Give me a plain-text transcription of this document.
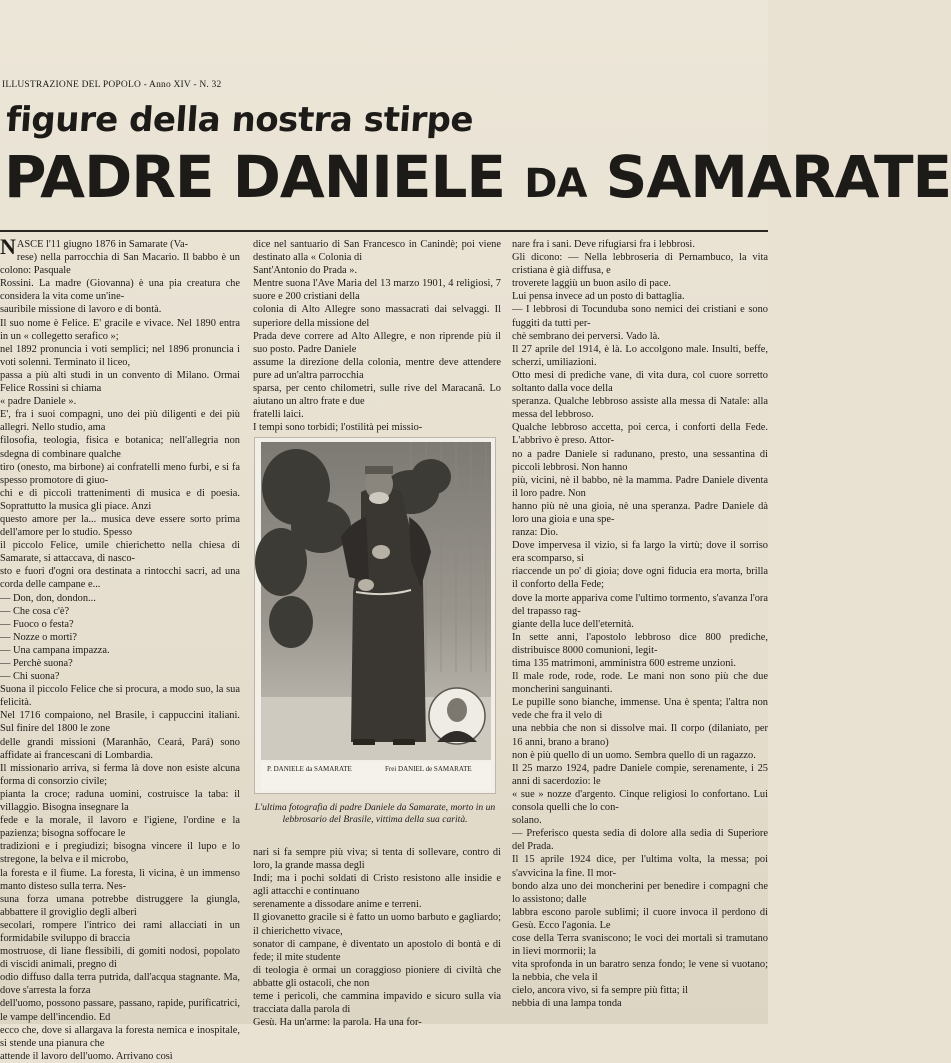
ILLUSTRAZIONE DEL POPOLO - Anno XIV - N. 32
figure della nostra stirpe
PADRE DANIELE DA SAMARATE
N ASCE l'11 giugno 1876 in Samarate (Va-

rese) nella parrocchia di San Macario. Il babbo è un colono: Pasquale

Rossini. La madre (Giovanna) è una pia creatura che considera la vita come un'ine-

sauribile missione di lavoro e di bontà.

Il suo nome è Felice. E' gracile e vivace. Nel 1890 entra in un « collegetto serafico »;

nel 1892 pronuncia i voti semplici; nel 1896 pronuncia i voti solenni. Terminato il liceo,

passa a più alti studi in un convento di Milano. Ormai Felice Rossini si chiama

« padre Daniele ».

E', fra i suoi compagni, uno dei più diligenti e dei più allegri. Nello studio, ama

filosofia, teologia, fisica e botanica; nell'allegria non sdegna di combinare qualche

tiro (onesto, ma birbone) ai confratelli meno furbi, e si fa spesso promotore di giuo-

chi e di piccoli trattenimenti di musica e di poesia. Soprattutto la musica gli piace. Anzi

questo amore per la... musica deve essere sorto prima dell'amore per lo studio. Spesso

il piccolo Felice, umile chierichetto nella chiesa di Samarate, si attaccava, di nasco-

sto e fuori d'ogni ora destinata a rintocchi sacri, ad una corda delle campane e...

— Don, don, dondon...

— Che cosa c'è?

— Fuoco o festa?

— Nozze o morti?

— Una campana impazza.

— Perchè suona?

— Chi suona?

Suona il piccolo Felice che si procura, a modo suo, la sua felicità.

Nel 1716 compaiono, nel Brasile, i cappuccini italiani. Sul finire del 1800 le zone

delle grandi missioni (Maranhão, Ceará, Pará) sono affidate ai francescani di Lombardia.

Il missionario arriva, si ferma là dove non esiste alcuna forma di consorzio civile;

pianta la croce; raduna uomini, costruisce la taba: il villaggio. Bisogna insegnare la

fede e la morale, il lavoro e l'igiene, l'ordine e la pazienza; bisogna soffocare le

tradizioni e i pregiudizi; bisogna vincere il lupo e lo stregone, la belva e il microbo,

la foresta e il fiume. La foresta, lì vicina, è un immenso manto disteso sulla terra. Nes-

suna forza umana potrebbe distruggere la giungla, abbattere il groviglio degli alberi

secolari, rompere l'intrico dei rami allacciati in un formidabile sviluppo di braccia

mostruose, di liane flessibili, di gomiti nodosi, popolato di viscidi animali, pregno di

odio diffuso dalla terra putrida, dall'acqua stagnante. Ma, dove s'arresta la forza

dell'uomo, possono passare, passano, rapide, purificatrici, le vampe dell'incendio. Ed

ecco che, dove si allargava la foresta nemica e inospitale, si stende una pianura che

attende il lavoro dell'uomo. Arrivano così

dice nel santuario di San Francesco in Canindè; poi viene destinato alla « Colonia di

Sant'Antonio do Prada ».

Mentre suona l'Ave Maria del 13 marzo 1901, 4 religiosi, 7 suore e 200 cristiani della

colonia di Alto Allegre sono massacrati dai selvaggi. Il superiore della missione del

Prada deve correre ad Alto Allegre, e non riprende più il suo posto. Padre Daniele

assume la direzione della colonia, mentre deve attendere pure ad un'altra parrocchia

sparsa, per cento chilometri, sulle rive del Maracanã. Lo aiutano un altro frate e due

fratelli laici.

I tempi sono torbidi; l'ostilità pei missio-

P. DANIELE da SAMARATE	Frei DANIEL de SAMARATE
L'ultima fotografia di padre Daniele da Samarate, morto in un lebbrosario del Brasile, vittima della sua carità.

nari si fa sempre più viva; si tenta di sollevare, contro di loro, la grande massa degli

Indi; ma i pochi soldati di Cristo resistono alle insidie e agli attacchi e continuano

serenamente a dissodare anime e terreni.

Il giovanetto gracile si è fatto un uomo barbuto e gagliardo; il chierichetto vivace,

sonator di campane, è diventato un apostolo di bontà e di fede; il mite studente

di teologia è ormai un coraggioso pioniere di civiltà che abbatte gli ostacoli, che non

teme i pericoli, che cammina impavido e sicuro sulla via tracciata dalla parola di

Gesù. Ha un'arme: la parola. Ha una for-

nare fra i sani. Deve rifugiarsi fra i lebbrosi.

Gli dicono: — Nella lebbroseria di Pernambuco, la vita cristiana è già diffusa, e

troverete laggiù un buon asilo di pace.

Lui pensa invece ad un posto di battaglia.

— I lebbrosi di Tocunduba sono nemici dei cristiani e sono fuggiti da tutti per-

chè sembrano dei perversi. Vado là.

Il 27 aprile del 1914, è là. Lo accolgono male. Insulti, beffe, scherzi, umiliazioni.

Otto mesi di prediche vane, di vita dura, col cuore sorretto soltanto dalla voce della

speranza. Qualche lebbroso assiste alla messa di Natale: alla messa del lebbroso.

Qualche lebbroso accetta, poi cerca, i conforti della Fede. L'abbrivo è preso. Attor-

no a padre Daniele si radunano, presto, una sessantina di piccoli lebbrosi. Non hanno

più, vicini, nè il babbo, nè la mamma. Padre Daniele diventa il loro padre. Non

hanno più nè una gioia, nè una speranza. Padre Daniele dà loro una gioia e una spe-

ranza: Dio.

Dove impervesa il vizio, si fa largo la virtù; dove il sorriso era scomparso, si

riaccende un po' di gioia; dove ogni fiducia era morta, brilla il conforto della Fede;

dove la morte appariva come l'ultimo tormento, s'avanza l'ora del trapasso rag-

giante della luce dell'eternità.

In sette anni, l'apostolo lebbroso dice 800 prediche, distribuisce 8000 comunioni, legit-

tima 135 matrimoni, amministra 600 estreme unzioni.

Il male rode, rode, rode. Le mani non sono più che due moncherini sanguinanti.

Le pupille sono bianche, immense. Una è spenta; l'altra non vede che fra il velo di

una nebbia che non si dissolve mai. Il corpo (dilaniato, per 16 anni, brano a brano)

non è più quello di un uomo. Sembra quello di un ragazzo.

Il 25 marzo 1924, padre Daniele compie, serenamente, i 25 anni di sacerdozio: le

« sue » nozze d'argento. Cinque religiosi lo confortano. Lui consola quelli che lo con-

solano.

— Preferisco questa sedia di dolore alla sedia di Superiore del Prada.

Il 15 aprile 1924 dice, per l'ultima volta, la messa; poi s'avvicina la fine. Il mor-

bondo alza uno dei moncherini per benedire i compagni che lo assistono; dalle

labbra escono parole sublimi; il cuore invoca il perdono di Gesù. Ecco l'agonia. Le

cose della Terra svaniscono; le voci dei mortali si tramutano in lievi mormorii; la

vita sprofonda in un baratro senza fondo; le vene si vuotano; la nebbia, che vela il

cielo, ancora vivo, si fa sempre più fitta; il

nebbia di una lampa tonda
